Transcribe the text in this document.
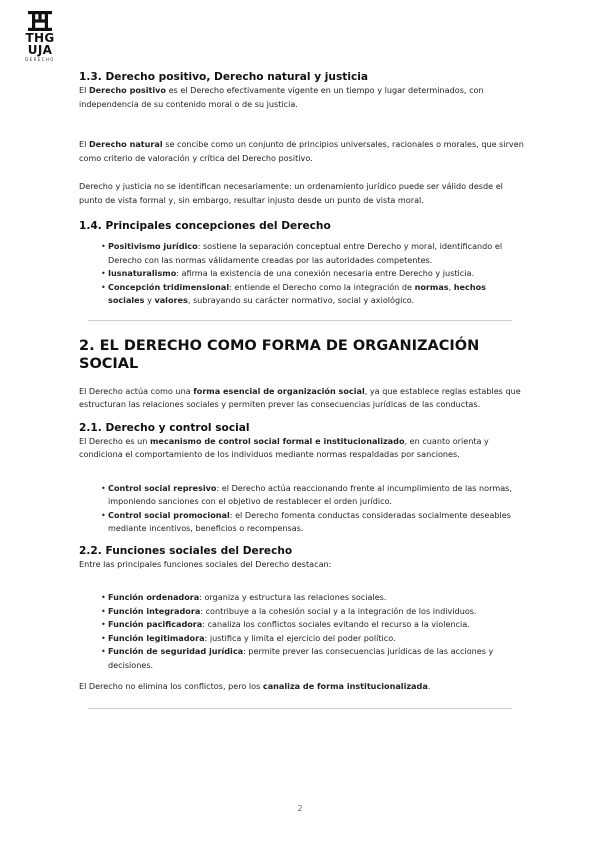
THG
UJA
DERECHO
1.3. Derecho positivo, Derecho natural y justicia

El Derecho positivo es el Derecho efectivamente vigente en un tiempo y lugar determinados, con independencia de su contenido moral o de su justicia.

El Derecho natural se concibe como un conjunto de principios universales, racionales o morales, que sirven como criterio de valoración y crítica del Derecho positivo.

Derecho y justicia no se identifican necesariamente: un ordenamiento jurídico puede ser válido desde el punto de vista formal y, sin embargo, resultar injusto desde un punto de vista moral.

1.4. Principales concepciones del Derecho
• Positivismo jurídico: sostiene la separación conceptual entre Derecho y moral, identificando el Derecho con las normas válidamente creadas por las autoridades competentes.
• Iusnaturalismo: afirma la existencia de una conexión necesaria entre Derecho y justicia.
• Concepción tridimensional: entiende el Derecho como la integración de normas, hechos sociales y valores, subrayando su carácter normativo, social y axiológico.
2. EL DERECHO COMO FORMA DE ORGANIZACIÓN SOCIAL

El Derecho actúa como una forma esencial de organización social, ya que establece reglas estables que estructuran las relaciones sociales y permiten prever las consecuencias jurídicas de las conductas.

2.1. Derecho y control social

El Derecho es un mecanismo de control social formal e institucionalizado, en cuanto orienta y condiciona el comportamiento de los individuos mediante normas respaldadas por sanciones.

• Control social represivo: el Derecho actúa reaccionando frente al incumplimiento de las normas, imponiendo sanciones con el objetivo de restablecer el orden jurídico.
• Control social promocional: el Derecho fomenta conductas consideradas socialmente deseables mediante incentivos, beneficios o recompensas.
2.2. Funciones sociales del Derecho

Entre las principales funciones sociales del Derecho destacan:

• Función ordenadora: organiza y estructura las relaciones sociales.
• Función integradora: contribuye a la cohesión social y a la integración de los individuos.
• Función pacificadora: canaliza los conflictos sociales evitando el recurso a la violencia.
• Función legitimadora: justifica y limita el ejercicio del poder político.
• Función de seguridad jurídica: permite prever las consecuencias jurídicas de las acciones y decisiones.

El Derecho no elimina los conflictos, pero los canaliza de forma institucionalizada.

2
